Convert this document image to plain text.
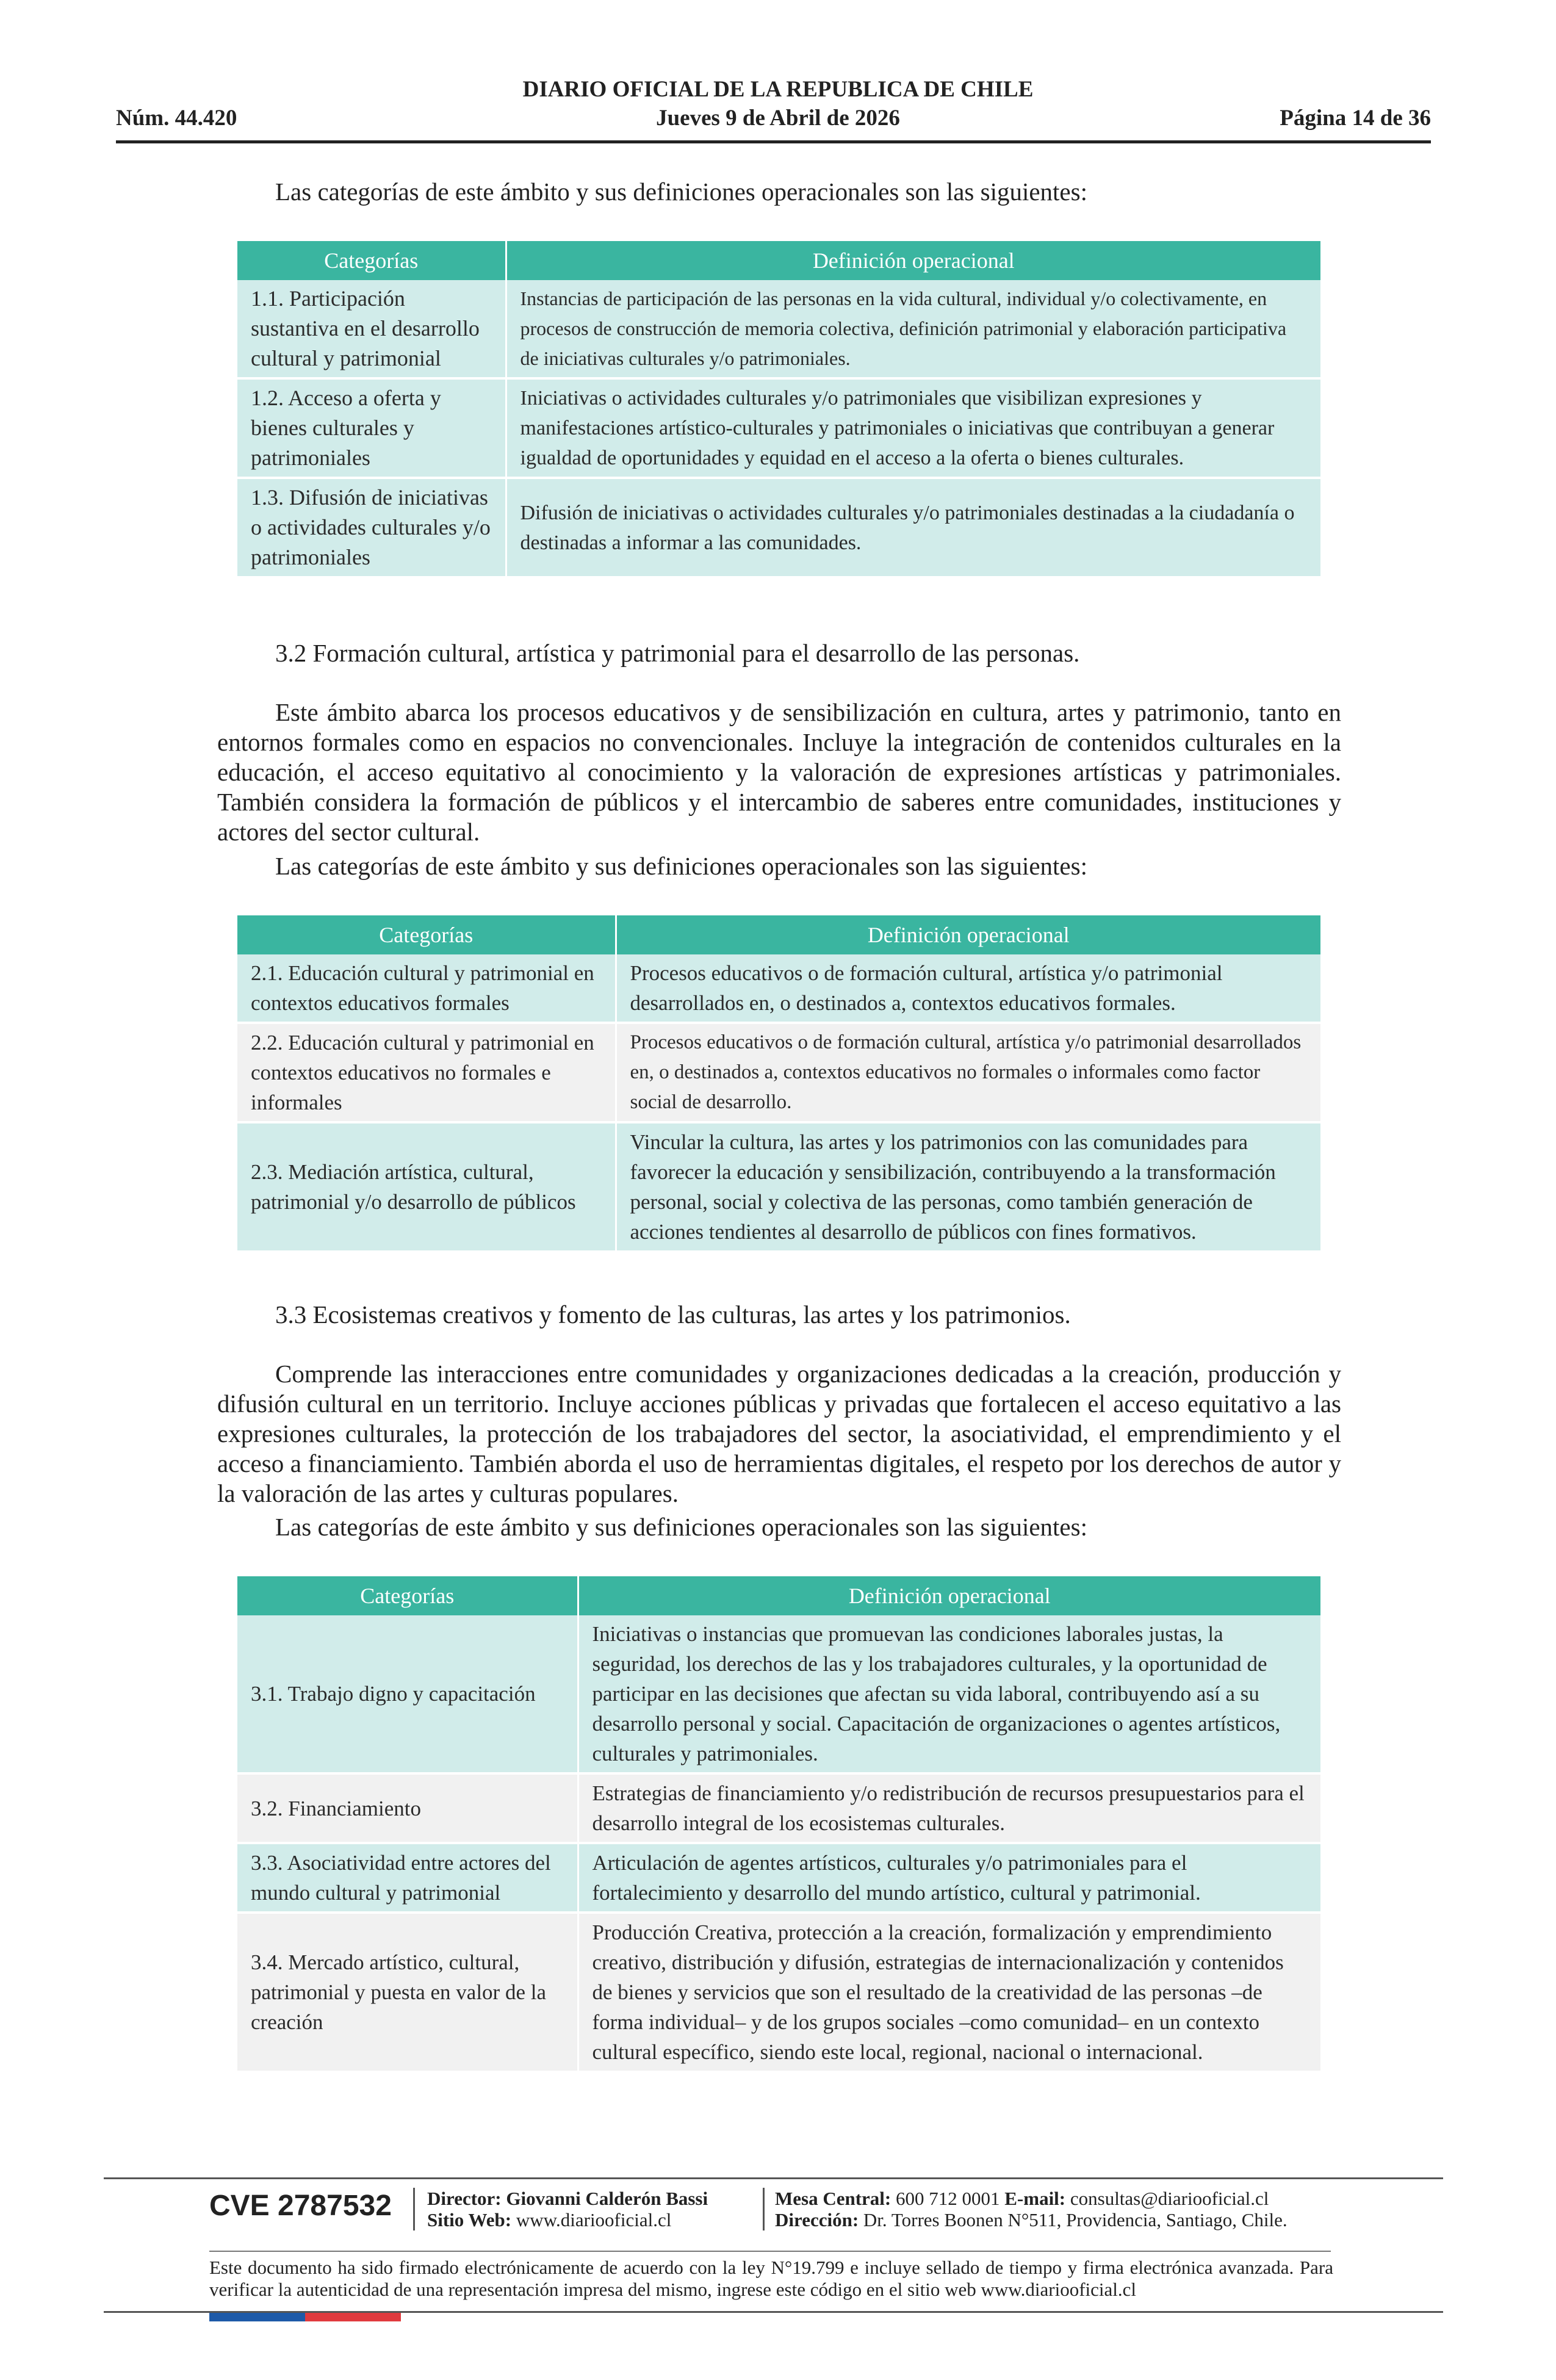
DIARIO OFICIAL DE LA REPUBLICA DE CHILE
Jueves 9 de Abril de 2026
Núm. 44.420	Página 14 de 36
Las categorías de este ámbito y sus definiciones operacionales son las siguientes:
Categorías	Definición operacional
1.1. Participación sustantiva en el desarrollo cultural y patrimonial	Instancias de participación de las personas en la vida cultural, individual y/o colectivamente, en procesos de construcción de memoria colectiva, definición patrimonial y elaboración participativa de iniciativas culturales y/o patrimoniales.
1.2. Acceso a oferta y bienes culturales y patrimoniales	Iniciativas o actividades culturales y/o patrimoniales que visibilizan expresiones y manifestaciones artístico-culturales y patrimoniales o iniciativas que contribuyan a generar igualdad de oportunidades y equidad en el acceso a la oferta o bienes culturales.
1.3. Difusión de iniciativas o actividades culturales y/o patrimoniales	Difusión de iniciativas o actividades culturales y/o patrimoniales destinadas a la ciudadanía o destinadas a informar a las comunidades.
3.2 Formación cultural, artística y patrimonial para el desarrollo de las personas.
Este ámbito abarca los procesos educativos y de sensibilización en cultura, artes y patrimonio, tanto en entornos formales como en espacios no convencionales. Incluye la integración de contenidos culturales en la educación, el acceso equitativo al conocimiento y la valoración de expresiones artísticas y patrimoniales. También considera la formación de públicos y el intercambio de saberes entre comunidades, instituciones y actores del sector cultural.
Las categorías de este ámbito y sus definiciones operacionales son las siguientes:
Categorías	Definición operacional
2.1. Educación cultural y patrimonial en contextos educativos formales	Procesos educativos o de formación cultural, artística y/o patrimonial desarrollados en, o destinados a, contextos educativos formales.
2.2. Educación cultural y patrimonial en contextos educativos no formales e informales	Procesos educativos o de formación cultural, artística y/o patrimonial desarrollados en, o destinados a, contextos educativos no formales o informales como factor social de desarrollo.
2.3. Mediación artística, cultural, patrimonial y/o desarrollo de públicos	Vincular la cultura, las artes y los patrimonios con las comunidades para favorecer la educación y sensibilización, contribuyendo a la transformación personal, social y colectiva de las personas, como también generación de acciones tendientes al desarrollo de públicos con fines formativos.
3.3 Ecosistemas creativos y fomento de las culturas, las artes y los patrimonios.
Comprende las interacciones entre comunidades y organizaciones dedicadas a la creación, producción y difusión cultural en un territorio. Incluye acciones públicas y privadas que fortalecen el acceso equitativo a las expresiones culturales, la protección de los trabajadores del sector, la asociatividad, el emprendimiento y el acceso a financiamiento. También aborda el uso de herramientas digitales, el respeto por los derechos de autor y la valoración de las artes y culturas populares.
Las categorías de este ámbito y sus definiciones operacionales son las siguientes:
Categorías	Definición operacional
3.1. Trabajo digno y capacitación	Iniciativas o instancias que promuevan las condiciones laborales justas, la seguridad, los derechos de las y los trabajadores culturales, y la oportunidad de participar en las decisiones que afectan su vida laboral, contribuyendo así a su desarrollo personal y social. Capacitación de organizaciones o agentes artísticos, culturales y patrimoniales.
3.2. Financiamiento	Estrategias de financiamiento y/o redistribución de recursos presupuestarios para el desarrollo integral de los ecosistemas culturales.
3.3. Asociatividad entre actores del mundo cultural y patrimonial	Articulación de agentes artísticos, culturales y/o patrimoniales para el fortalecimiento y desarrollo del mundo artístico, cultural y patrimonial.
3.4. Mercado artístico, cultural, patrimonial y puesta en valor de la creación	Producción Creativa, protección a la creación, formalización y emprendimiento creativo, distribución y difusión, estrategias de internacionalización y contenidos de bienes y servicios que son el resultado de la creatividad de las personas –de forma individual– y de los grupos sociales –como comunidad– en un contexto cultural específico, siendo este local, regional, nacional o internacional.
CVE 2787532 Director: Giovanni Calderón Bassi
Sitio Web: www.diariooficial.cl
Mesa Central: 600 712 0001 E-mail: consultas@diariooficial.cl
Dirección: Dr. Torres Boonen N°511, Providencia, Santiago, Chile.
Este documento ha sido firmado electrónicamente de acuerdo con la ley N°19.799 e incluye sellado de tiempo y firma electrónica avanzada. Para verificar la autenticidad de una representación impresa del mismo, ingrese este código en el sitio web www.diariooficial.cl
